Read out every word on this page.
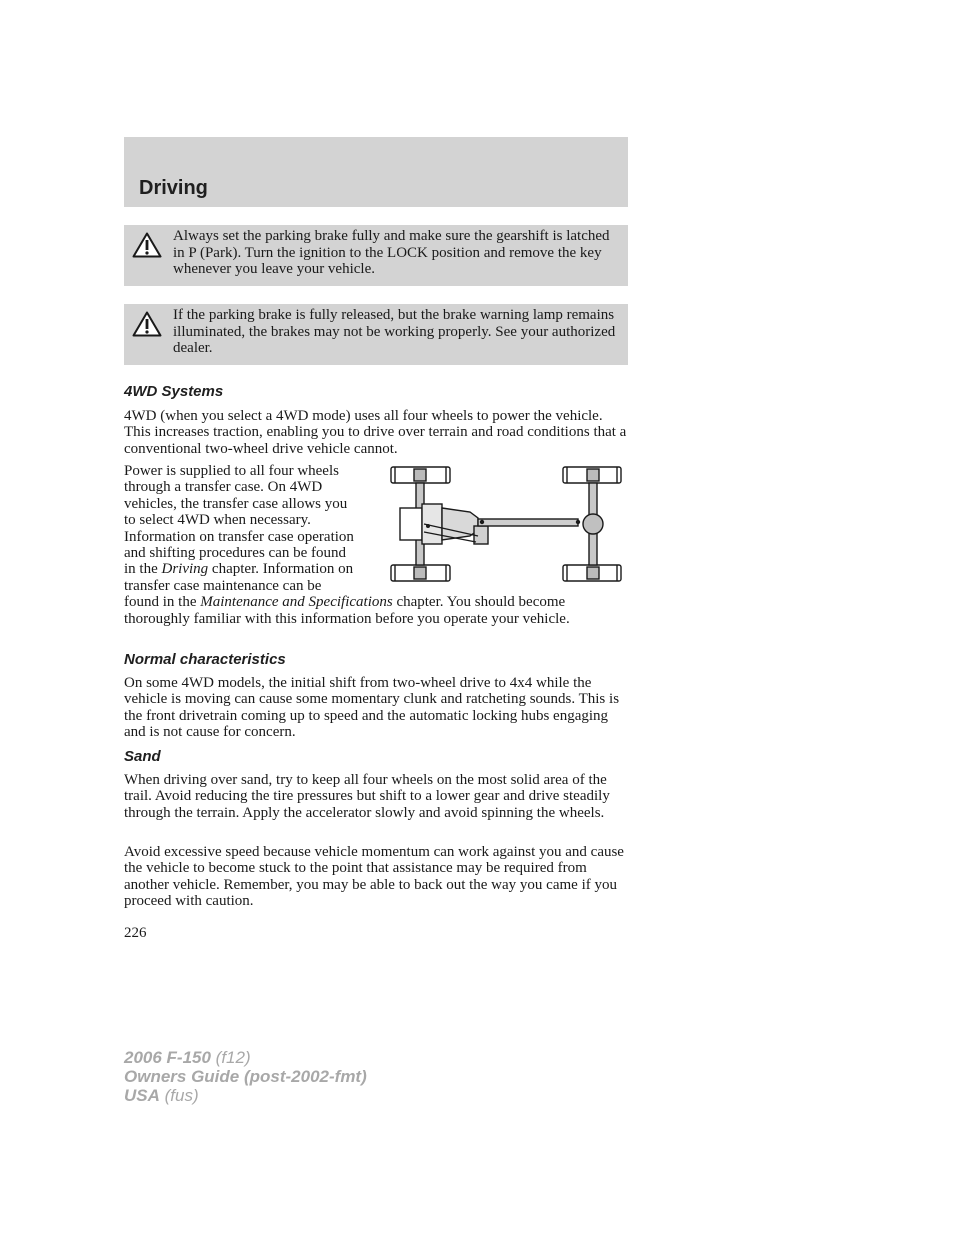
Driving

Always set the parking brake fully and make sure the gearshift is latched in P (Park). Turn the ignition to the LOCK position and remove the key whenever you leave your vehicle.

If the parking brake is fully released, but the brake warning lamp remains illuminated, the brakes may not be working properly. See your authorized dealer.

4WD Systems

4WD (when you select a 4WD mode) uses all four wheels to power the vehicle. This increases traction, enabling you to drive over terrain and road conditions that a conventional two-wheel drive vehicle cannot.

Power is supplied to all four wheels through a transfer case. On 4WD vehicles, the transfer case allows you to select 4WD when necessary. Information on transfer case operation and shifting procedures can be found in the Driving chapter. Information on transfer case maintenance can be found in the Maintenance and Specifications chapter. You should become thoroughly familiar with this information before you operate your vehicle.

Normal characteristics

On some 4WD models, the initial shift from two-wheel drive to 4x4 while the vehicle is moving can cause some momentary clunk and ratcheting sounds. This is the front drivetrain coming up to speed and the automatic locking hubs engaging and is not cause for concern.

Sand

When driving over sand, try to keep all four wheels on the most solid area of the trail. Avoid reducing the tire pressures but shift to a lower gear and drive steadily through the terrain. Apply the accelerator slowly and avoid spinning the wheels.

Avoid excessive speed because vehicle momentum can work against you and cause the vehicle to become stuck to the point that assistance may be required from another vehicle. Remember, you may be able to back out the way you came if you proceed with caution.

226
2006 F-150 (f12)
Owners Guide (post-2002-fmt)
USA (fus)
